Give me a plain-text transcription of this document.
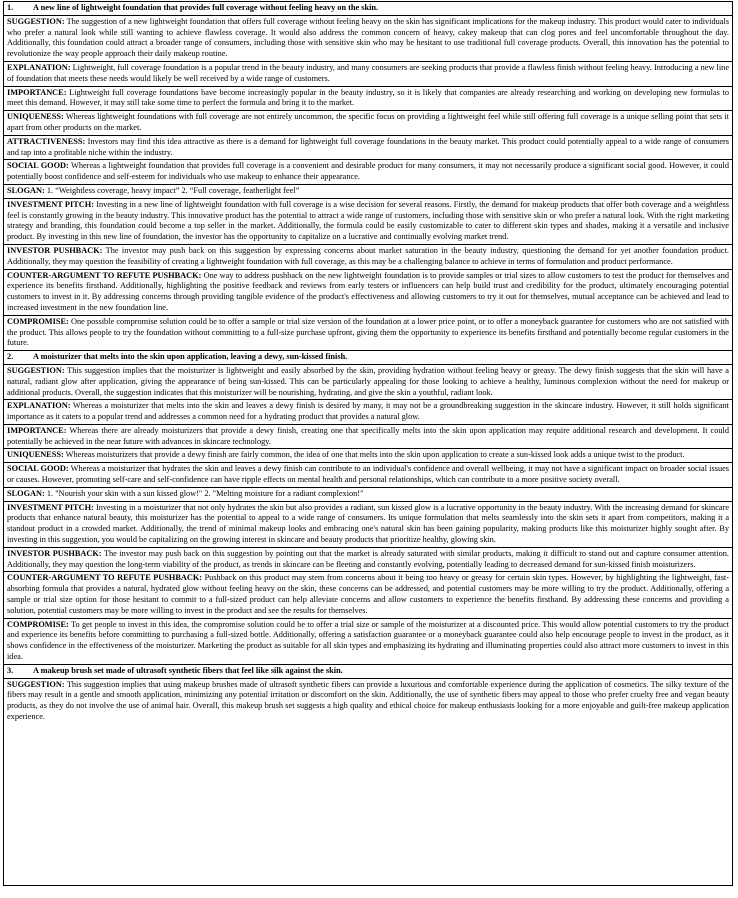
1.	A new line of lightweight foundation that provides full coverage without feeling heavy on the skin.
SUGGESTION: The suggestion of a new lightweight foundation that offers full coverage without feeling heavy on the skin has significant implications for the makeup industry. This product would cater to individuals who prefer a natural look while still wanting to achieve flawless coverage. It would also address the common concern of heavy, cakey makeup that can clog pores and feel uncomfortable throughout the day. Additionally, this foundation could attract a broader range of consumers, including those with sensitive skin who may be hesitant to use traditional full coverage products. Overall, this innovation has the potential to revolutionize the way people approach their daily makeup routine.
EXPLANATION: Lightweight, full coverage foundation is a popular trend in the beauty industry, and many consumers are seeking products that provide a flawless finish without feeling heavy. Introducing a new line of foundation that meets these needs would likely be well received by a wide range of customers.
IMPORTANCE: Lightweight full coverage foundations have become increasingly popular in the beauty industry, so it is likely that companies are already researching and working on developing new formulas to meet this demand. However, it may still take some time to perfect the formula and bring it to the market.
UNIQUENESS: Whereas lightweight foundations with full coverage are not entirely uncommon, the specific focus on providing a lightweight feel while still offering full coverage is a unique selling point that sets it apart from other products on the market.
ATTRACTIVENESS: Investors may find this idea attractive as there is a demand for lightweight full coverage foundations in the beauty market. This product could potentially appeal to a wide range of consumers and tap into a profitable niche within the industry.
SOCIAL GOOD: Whereas a lightweight foundation that provides full coverage is a convenient and desirable product for many consumers, it may not necessarily produce a significant social good. However, it could potentially boost confidence and self-esteem for individuals who use makeup to enhance their appearance.
SLOGAN: 1. “Weightless coverage, heavy impact” 2. “Full coverage, featherlight feel”
INVESTMENT PITCH: Investing in a new line of lightweight foundation with full coverage is a wise decision for several reasons. Firstly, the demand for makeup products that offer both coverage and a weightless feel is constantly growing in the beauty industry. This innovative product has the potential to attract a wide range of customers, including those with sensitive skin or who prefer a natural look. With the right marketing strategy and branding, this foundation could become a top seller in the market. Additionally, the formula could be easily customizable to cater to different skin types and shades, making it a versatile and inclusive product. By investing in this new line of foundation, the investor has the opportunity to capitalize on a lucrative and continually evolving market trend.
INVESTOR PUSHBACK: The investor may push back on this suggestion by expressing concerns about market saturation in the beauty industry, questioning the demand for yet another foundation product. Additionally, they may question the feasibility of creating a lightweight foundation with full coverage, as this may be a challenging balance to achieve in terms of formulation and product performance.
COUNTER-ARGUMENT TO REFUTE PUSHBACK: One way to address pushback on the new lightweight foundation is to provide samples or trial sizes to allow customers to test the product for themselves and experience its benefits firsthand. Additionally, highlighting the positive feedback and reviews from early testers or influencers can help build trust and credibility for the product, ultimately encouraging potential customers to invest in it. By addressing concerns through providing tangible evidence of the product's effectiveness and allowing customers to try it out for themselves, mutual acceptance can be achieved and lead to increased investment in the new foundation line.
COMPROMISE: One possible compromise solution could be to offer a sample or trial size version of the foundation at a lower price point, or to offer a moneyback guarantee for customers who are not satisfied with the product. This allows people to try the foundation without committing to a full-size purchase upfront, giving them the opportunity to experience its benefits firsthand and potentially become regular customers in the future.
2.	A moisturizer that melts into the skin upon application, leaving a dewy, sun-kissed finish.
SUGGESTION: This suggestion implies that the moisturizer is lightweight and easily absorbed by the skin, providing hydration without feeling heavy or greasy. The dewy finish suggests that the skin will have a natural, radiant glow after application, giving the appearance of being sun-kissed. This can be particularly appealing for those looking to achieve a healthy, luminous complexion without the need for makeup or additional products. Overall, the suggestion indicates that this moisturizer will be nourishing, hydrating, and give the skin a youthful, radiant look.
EXPLANATION: Whereas a moisturizer that melts into the skin and leaves a dewy finish is desired by many, it may not be a groundbreaking suggestion in the skincare industry. However, it still holds significant importance as it caters to a popular trend and addresses a common need for a hydrating product that provides a natural glow.
IMPORTANCE: Whereas there are already moisturizers that provide a dewy finish, creating one that specifically melts into the skin upon application may require additional research and development. It could potentially be achieved in the near future with advances in skincare technology.
UNIQUENESS: Whereas moisturizers that provide a dewy finish are fairly common, the idea of one that melts into the skin upon application to create a sun-kissed look adds a unique twist to the product.
SOCIAL GOOD: Whereas a moisturizer that hydrates the skin and leaves a dewy finish can contribute to an individual's confidence and overall wellbeing, it may not have a significant impact on broader social issues or causes. However, promoting self-care and self-confidence can have ripple effects on mental health and personal relationships, which can contribute to a more positive society overall.
SLOGAN: 1. "Nourish your skin with a sun kissed glow!" 2. "Melting moisture for a radiant complexion!"
INVESTMENT PITCH: Investing in a moisturizer that not only hydrates the skin but also provides a radiant, sun kissed glow is a lucrative opportunity in the beauty industry. With the increasing demand for skincare products that enhance natural beauty, this moisturizer has the potential to appeal to a wide range of consumers. Its unique formulation that melts seamlessly into the skin sets it apart from competitors, making it a standout product in a crowded market. Additionally, the trend of minimal makeup looks and embracing one's natural skin has been gaining popularity, making products like this moisturizer highly sought after. By investing in this suggestion, you would be capitalizing on the growing interest in skincare and beauty products that prioritize healthy, glowing skin.
INVESTOR PUSHBACK: The investor may push back on this suggestion by pointing out that the market is already saturated with similar products, making it difficult to stand out and capture consumer attention. Additionally, they may question the long-term viability of the product, as trends in skincare can be fleeting and constantly evolving, potentially leading to decreased demand for sun-kissed finish moisturizers.
COUNTER-ARGUMENT TO REFUTE PUSHBACK: Pushback on this product may stem from concerns about it being too heavy or greasy for certain skin types. However, by highlighting the lightweight, fast-absorbing formula that provides a natural, hydrated glow without feeling heavy on the skin, these concerns can be addressed, and potential customers may be more willing to try the product. Additionally, offering a sample or trial size option for those hesitant to commit to a full-sized product can help alleviate concerns and allow customers to experience the benefits firsthand. By addressing these concerns and providing a solution, potential customers may be more willing to invest in the product and see the results for themselves.
COMPROMISE: To get people to invest in this idea, the compromise solution could be to offer a trial size or sample of the moisturizer at a discounted price. This would allow potential customers to try the product and experience its benefits before committing to purchasing a full-sized bottle. Additionally, offering a satisfaction guarantee or a moneyback guarantee could also help encourage people to invest in the product, as it shows confidence in the effectiveness of the moisturizer. Marketing the product as suitable for all skin types and emphasizing its hydrating and illuminating properties could also attract more customers to invest in this idea.
3.	A makeup brush set made of ultrasoft synthetic fibers that feel like silk against the skin.
SUGGESTION: This suggestion implies that using makeup brushes made of ultrasoft synthetic fibers can provide a luxurious and comfortable experience during the application of cosmetics. The silky texture of the fibers may result in a gentle and smooth application, minimizing any potential irritation or discomfort on the skin. Additionally, the use of synthetic fibers may appeal to those who prefer cruelty free and vegan beauty products, as they do not involve the use of animal hair. Overall, this makeup brush set suggests a high quality and ethical choice for makeup enthusiasts looking for a more enjoyable and guilt-free makeup application experience.
